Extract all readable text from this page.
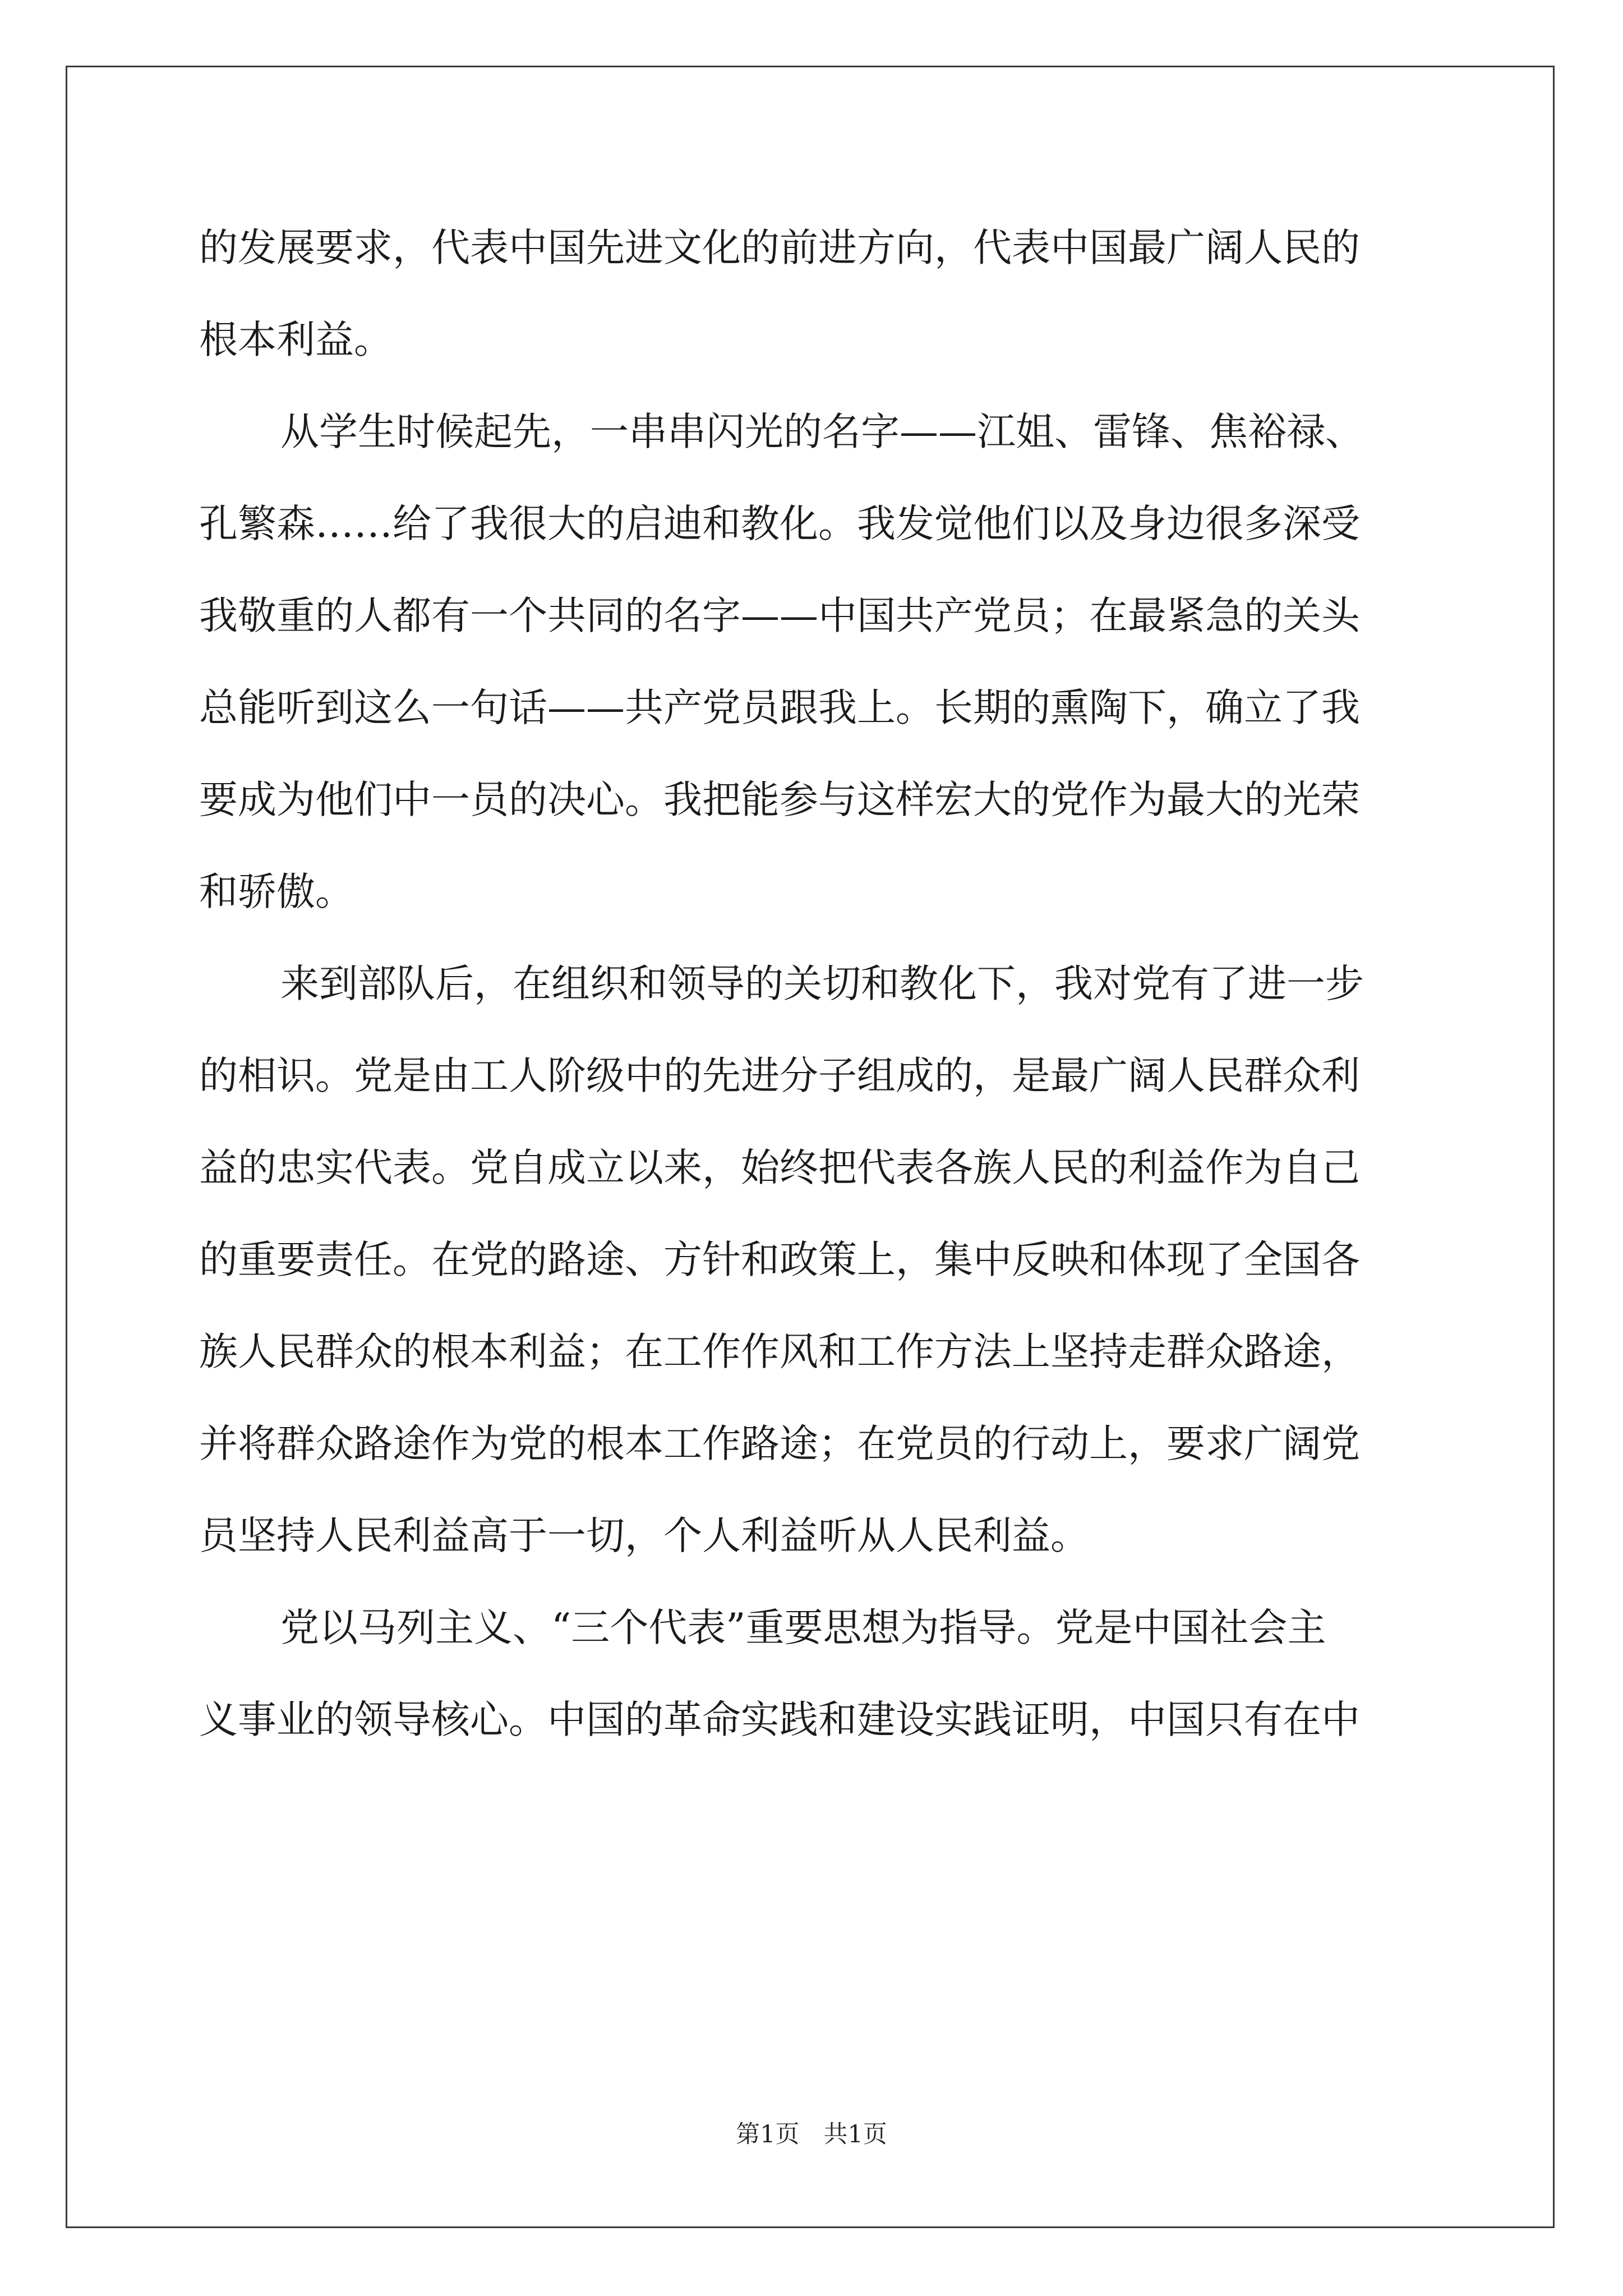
的发展要求，代表中国先进文化的前进方向，代表中国最广阔人民的
根本利益。
从学生时候起先，一串串闪光的名字——江姐、雷锋、焦裕禄、
孔繁森……给了我很大的启迪和教化。我发觉他们以及身边很多深受
我敬重的人都有一个共同的名字——中国共产党员；在最紧急的关头
总能听到这么一句话——共产党员跟我上。长期的熏陶下，确立了我
要成为他们中一员的决心。我把能参与这样宏大的党作为最大的光荣
和骄傲。
来到部队后，在组织和领导的关切和教化下，我对党有了进一步
的相识。党是由工人阶级中的先进分子组成的，是最广阔人民群众利
益的忠实代表。党自成立以来，始终把代表各族人民的利益作为自己
的重要责任。在党的路途、方针和政策上，集中反映和体现了全国各
族人民群众的根本利益；在工作作风和工作方法上坚持走群众路途，
并将群众路途作为党的根本工作路途；在党员的行动上，要求广阔党
员坚持人民利益高于一切，个人利益听从人民利益。
党以马列主义、“三个代表”重要思想为指导。党是中国社会主
义事业的领导核心。中国的革命实践和建设实践证明，中国只有在中
第1页　共1页
